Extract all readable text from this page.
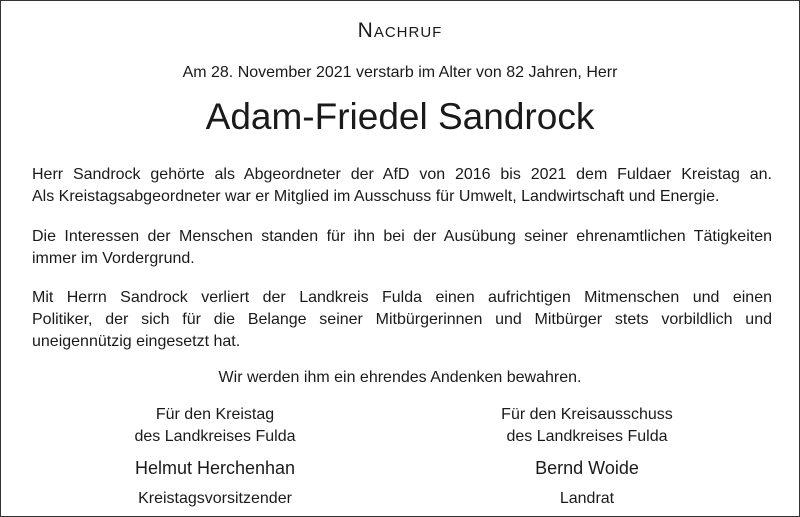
Nachruf
Am 28. November 2021 verstarb im Alter von 82 Jahren, Herr
Adam-Friedel Sandrock
Herr Sandrock gehörte als Abgeordneter der AfD von 2016 bis 2021 dem Fuldaer Kreistag an.
Als Kreistagsabgeordneter war er Mitglied im Ausschuss für Umwelt, Landwirtschaft und Energie.
Die Interessen der Menschen standen für ihn bei der Ausübung seiner ehrenamtlichen Tätigkeiten
immer im Vordergrund.
Mit Herrn Sandrock verliert der Landkreis Fulda einen aufrichtigen Mitmenschen und einen
Politiker, der sich für die Belange seiner Mitbürgerinnen und Mitbürger stets vorbildlich und
uneigennützig eingesetzt hat.
Wir werden ihm ein ehrendes Andenken bewahren.
Für den Kreistag
des Landkreises Fulda
Helmut Herchenhan
Kreistagsvorsitzender
Für den Kreisausschuss
des Landkreises Fulda
Bernd Woide
Landrat
